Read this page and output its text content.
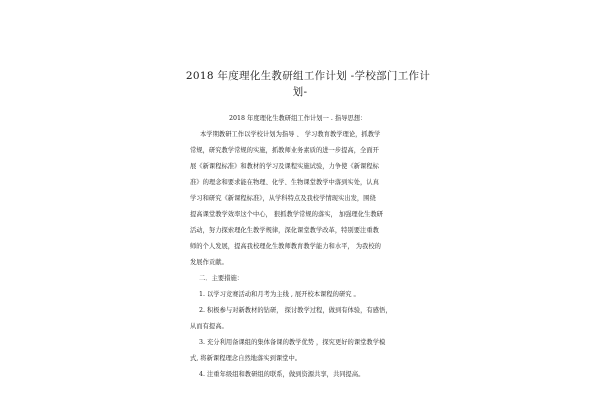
2018 年度理化生教研组工作计划 -学校部门工作计
划-
2018 年度理化生教研组工作计划一 . 指导思想：
本学期教研工作以学校计划为指导 、 学习教育教学理论，抓教学
常规，研究教学常规的实施，抓教师业务素质的进一步提高，全面开
展《新课程标准》和教材的学习及课程实施试验，力争使《新课程标
准》的理念和要求能在物理、化学、生物课堂教学中落到实处，认真
学习和研究《新课程标准》，从学科特点及我校学情现实出发，围绕
提高课堂教学效率这个中心， 狠抓教学常规的落实， 加强理化生教研
活动，努力探索理化生教学规律，深化课堂教学改革，特别要注重教
师的个人发展，提高我校理化生教师教育教学能力和水平， 为我校的
发展作贡献。
二．主要措施：
1. 以学习竞赛活动和月考为主线 , 展开校本课程的研究 。
2. 积极参与对新教材的钻研， 探讨教学过程，做到有体验，有感悟，
从而有提高。
3. 充分利用备课组的集体备课的教学优势 ，探究更好的课堂教学模
式, 将新课程理念自然地落实到课堂中。
4. 注重年级组和教研组的联系，做到资源共享，共同提高。
